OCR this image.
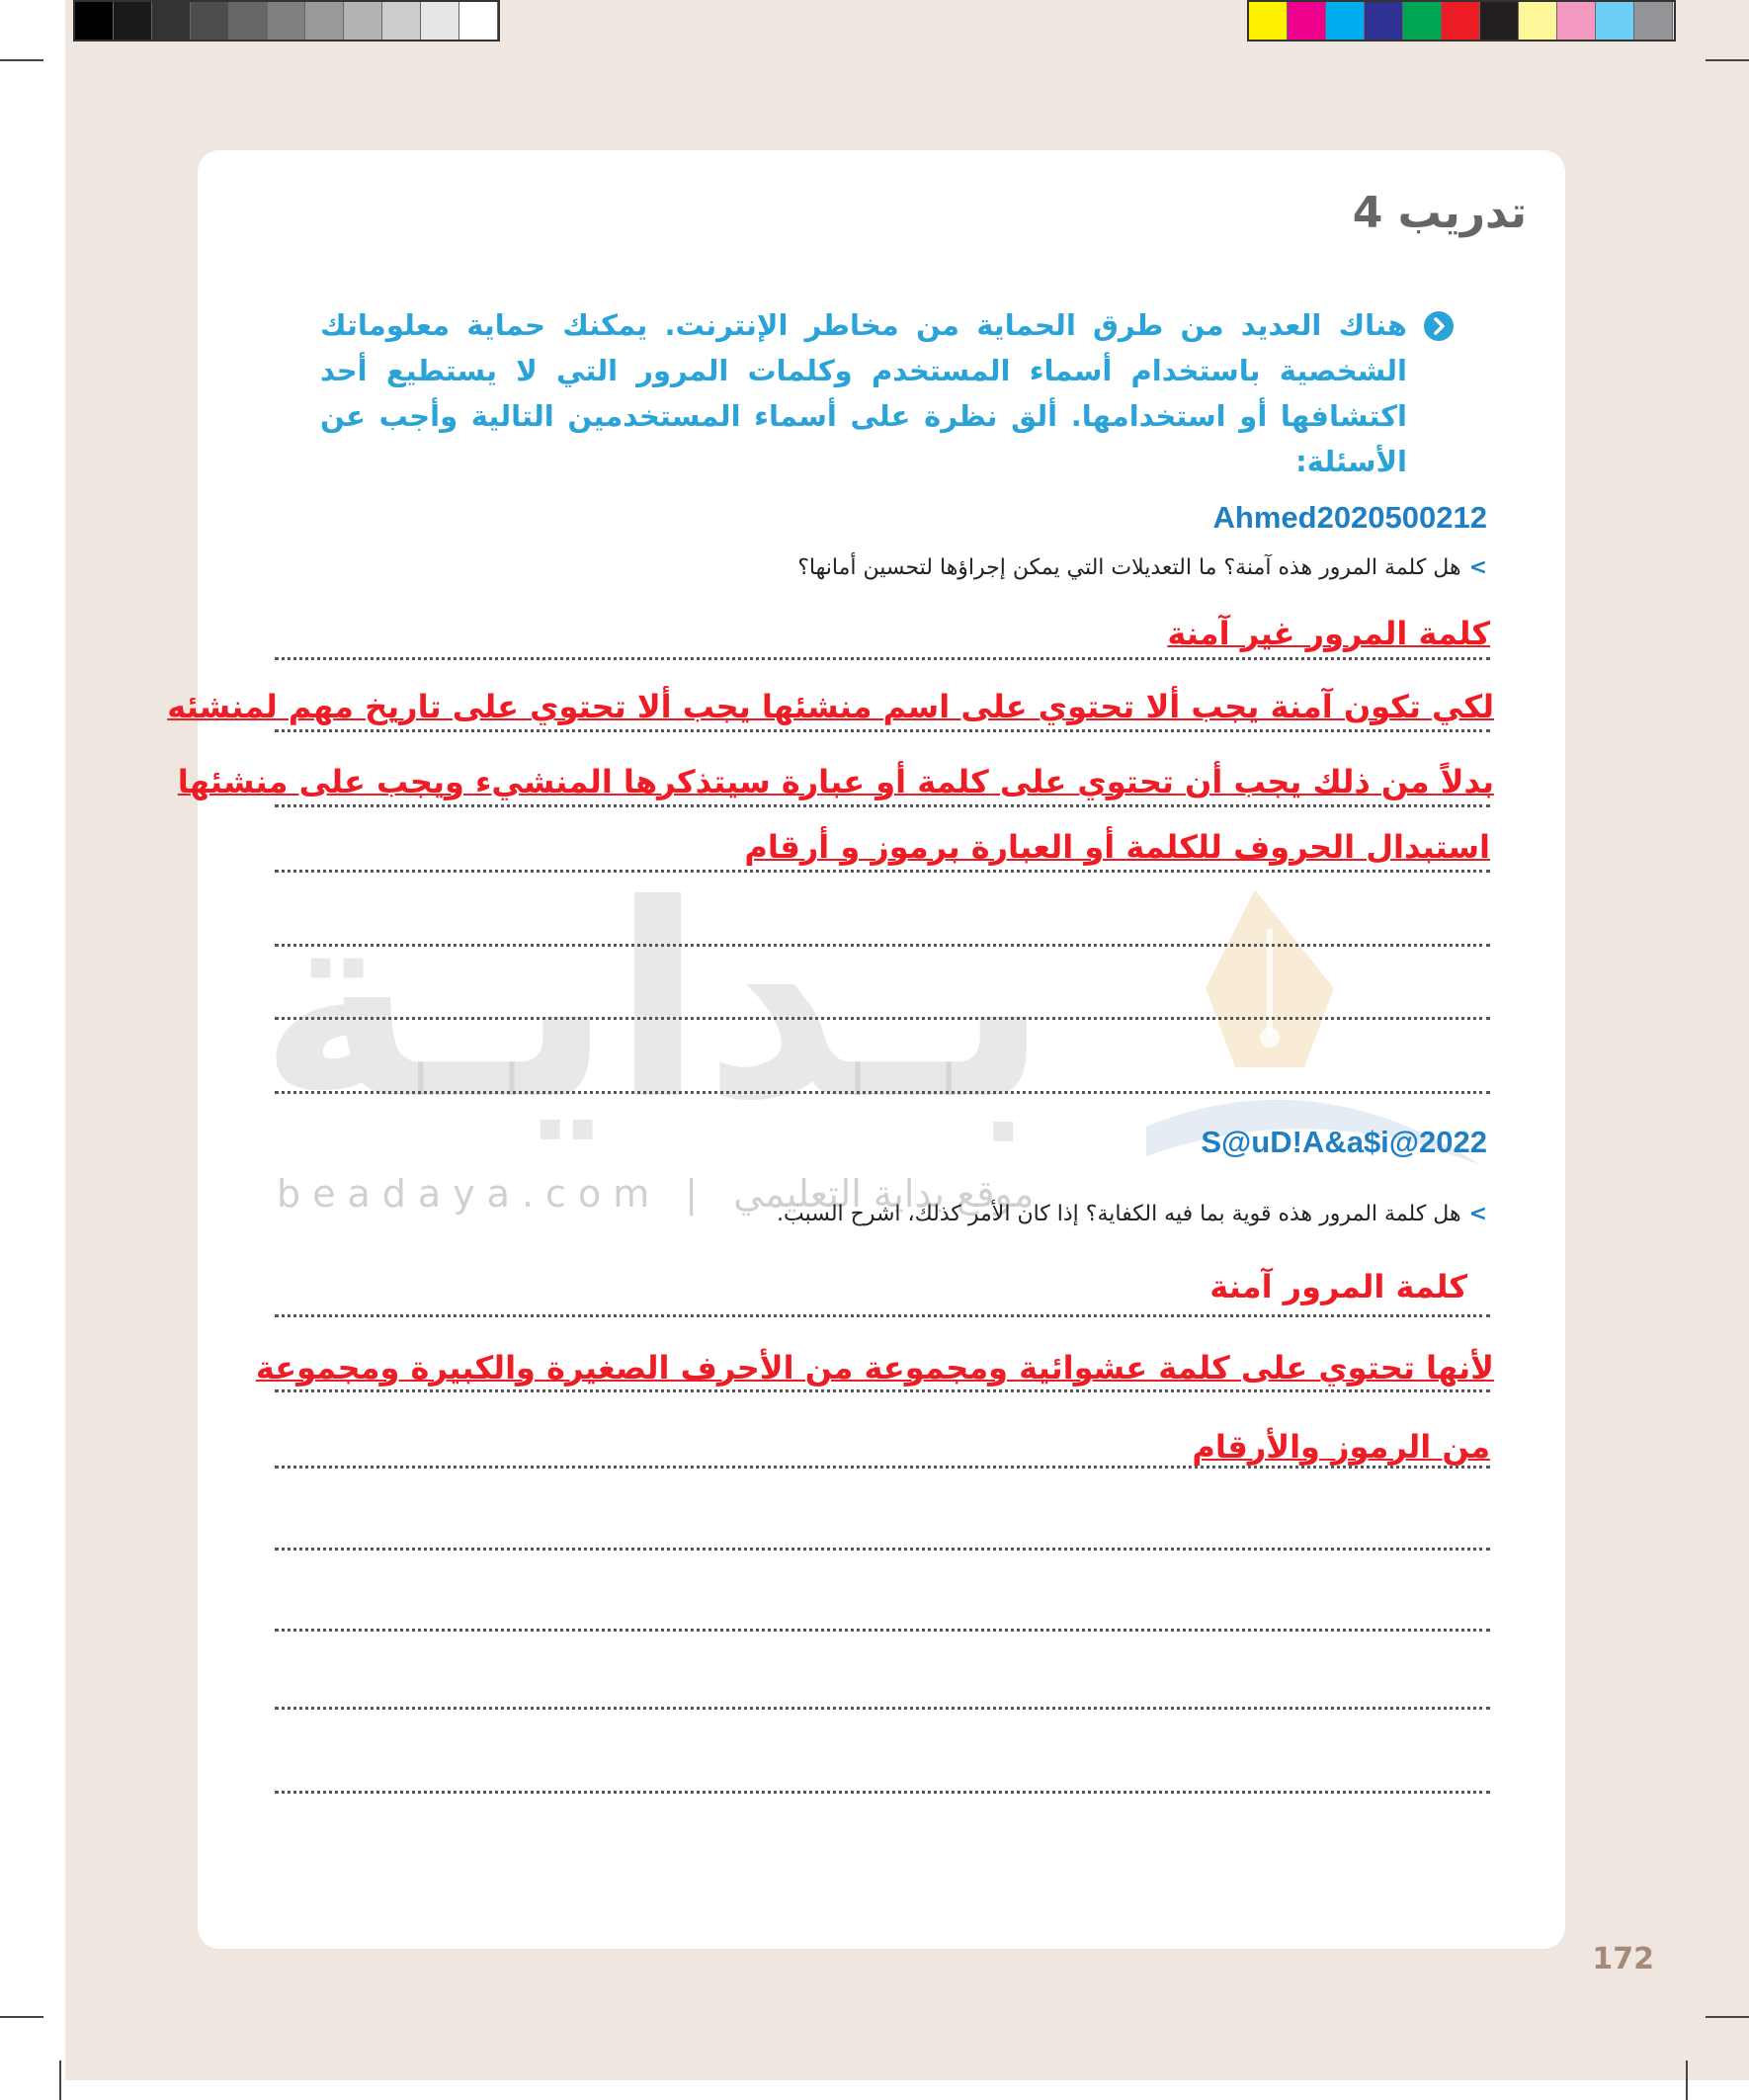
بـدايـة
beadaya.com | موقع بداية التعليمي
تدريب 4
هناك العديد من طرق الحماية من مخاطر الإنترنت. يمكنك حماية معلوماتك الشخصية باستخدام أسماء المستخدم وكلمات المرور التي لا يستطيع أحد اكتشافها أو استخدامها. ألق نظرة على أسماء المستخدمين التالية وأجب عن الأسئلة:
Ahmed2020500212
>هل كلمة المرور هذه آمنة؟ ما التعديلات التي يمكن إجراؤها لتحسين أمانها؟
كلمة المرور غير آمنة
لكي تكون آمنة يجب ألا تحتوي على اسم منشئها يجب ألا تحتوي على تاريخ مهم لمنشئه
بدلاً من ذلك يجب أن تحتوي على كلمة أو عبارة سيتذكرها المنشيء ويجب على منشئها
استبدال الحروف للكلمة أو العبارة برموز و أرقام
S@uD!A&a$i@2022
>هل كلمة المرور هذه قوية بما فيه الكفاية؟ إذا كان الأمر كذلك، اشرح السبب.
كلمة المرور آمنة
لأنها تحتوي على كلمة عشوائية ومجموعة من الأحرف الصغيرة والكبيرة ومجموعة
من الرموز والأرقام
172
